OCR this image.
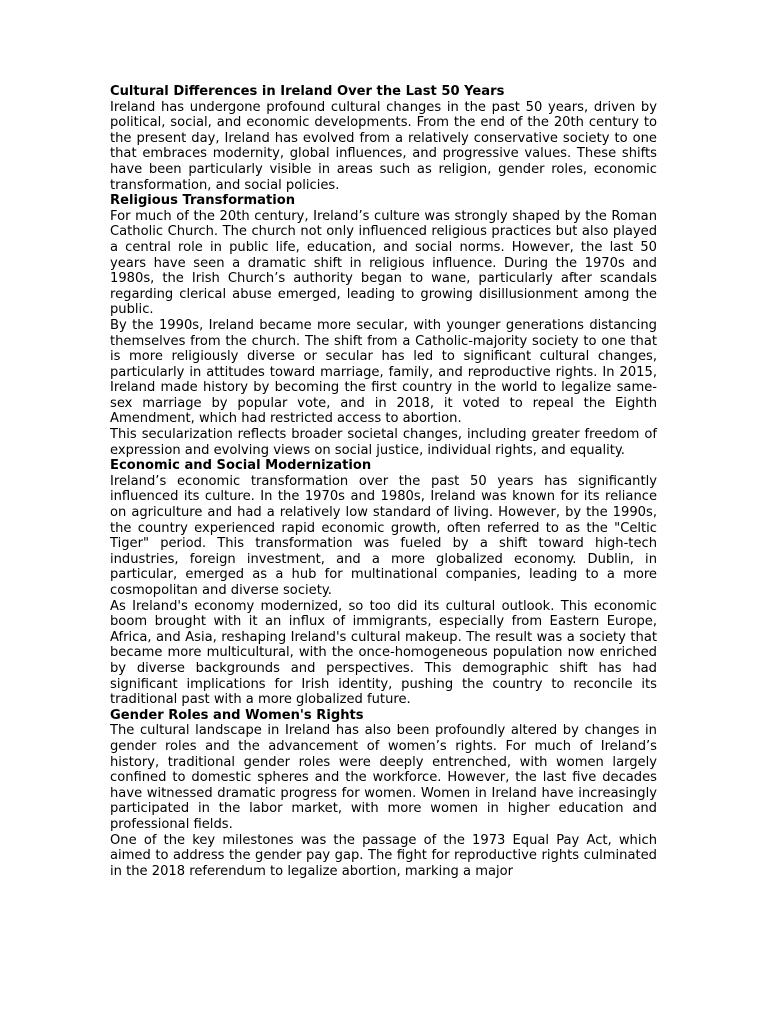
Cultural Differences in Ireland Over the Last 50 Years

Ireland has undergone profound cultural changes in the past 50 years, driven by political, social, and economic developments. From the end of the 20th century to the present day, Ireland has evolved from a relatively conservative society to one that embraces modernity, global influences, and progressive values. These shifts have been particularly visible in areas such as religion, gender roles, economic transformation, and social policies.

Religious Transformation

For much of the 20th century, Ireland’s culture was strongly shaped by the Roman Catholic Church. The church not only influenced religious practices but also played a central role in public life, education, and social norms. However, the last 50 years have seen a dramatic shift in religious influence. During the 1970s and 1980s, the Irish Church’s authority began to wane, particularly after scandals regarding clerical abuse emerged, leading to growing disillusionment among the public.

By the 1990s, Ireland became more secular, with younger generations distancing themselves from the church. The shift from a Catholic-majority society to one that is more religiously diverse or secular has led to significant cultural changes, particularly in attitudes toward marriage, family, and reproductive rights. In 2015, Ireland made history by becoming the first country in the world to legalize same-sex marriage by popular vote, and in 2018, it voted to repeal the Eighth Amendment, which had restricted access to abortion.

This secularization reflects broader societal changes, including greater freedom of expression and evolving views on social justice, individual rights, and equality.

Economic and Social Modernization

Ireland’s economic transformation over the past 50 years has significantly influenced its culture. In the 1970s and 1980s, Ireland was known for its reliance on agriculture and had a relatively low standard of living. However, by the 1990s, the country experienced rapid economic growth, often referred to as the "Celtic Tiger" period. This transformation was fueled by a shift toward high-tech industries, foreign investment, and a more globalized economy. Dublin, in particular, emerged as a hub for multinational companies, leading to a more cosmopolitan and diverse society.

As Ireland's economy modernized, so too did its cultural outlook. This economic boom brought with it an influx of immigrants, especially from Eastern Europe, Africa, and Asia, reshaping Ireland's cultural makeup. The result was a society that became more multicultural, with the once-homogeneous population now enriched by diverse backgrounds and perspectives. This demographic shift has had significant implications for Irish identity, pushing the country to reconcile its traditional past with a more globalized future.

Gender Roles and Women's Rights

The cultural landscape in Ireland has also been profoundly altered by changes in gender roles and the advancement of women’s rights. For much of Ireland’s history, traditional gender roles were deeply entrenched, with women largely confined to domestic spheres and the workforce. However, the last five decades have witnessed dramatic progress for women. Women in Ireland have increasingly participated in the labor market, with more women in higher education and professional fields.

One of the key milestones was the passage of the 1973 Equal Pay Act, which aimed to address the gender pay gap. The fight for reproductive rights culminated in the 2018 referendum to legalize abortion, marking a major
